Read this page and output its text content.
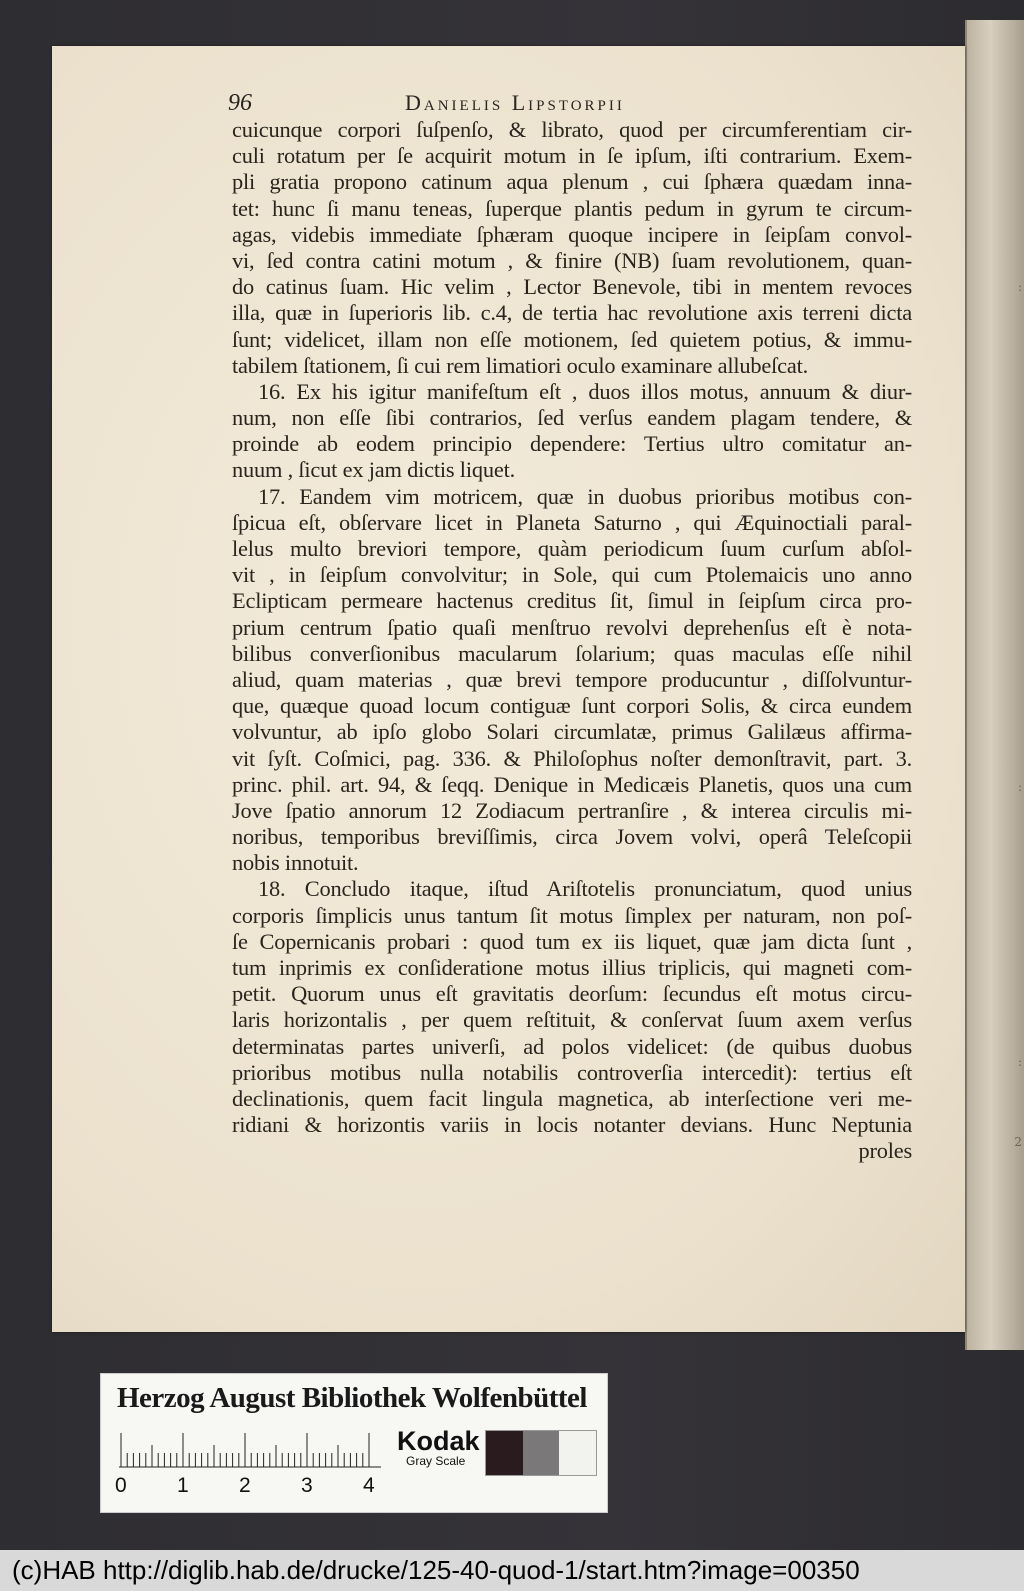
:
:
:
2
96	Danielis Lipstorpii
cuicunque corpori ſuſpenſo, & librato, quod per circumferentiam cir-
culi rotatum per ſe acquirit motum in ſe ipſum, iſti contrarium. Exem-
pli gratia propono catinum aqua plenum , cui ſphæra quædam inna-
tet: hunc ſi manu teneas, ſuperque plantis pedum in gyrum te circum-
agas, videbis immediate ſphæram quoque incipere in ſeipſam convol-
vi, ſed contra catini motum , & finire (NB) ſuam revolutionem, quan-
do catinus ſuam. Hic velim , Lector Benevole, tibi in mentem revoces
illa, quæ in ſuperioris lib. c.4, de tertia hac revolutione axis terreni dicta
ſunt; videlicet, illam non eſſe motionem, ſed quietem potius, & immu-
tabilem ſtationem, ſi cui rem limatiori oculo examinare allubeſcat.
16. Ex his igitur manifeſtum eſt , duos illos motus, annuum & diur-
num, non eſſe ſibi contrarios, ſed verſus eandem plagam tendere, &
proinde ab eodem principio dependere: Tertius ultro comitatur an-
nuum , ſicut ex jam dictis liquet.
17. Eandem vim motricem, quæ in duobus prioribus motibus con-
ſpicua eſt, obſervare licet in Planeta Saturno , qui Æquinoctiali paral-
lelus multo breviori tempore, quàm periodicum ſuum curſum abſol-
vit , in ſeipſum convolvitur; in Sole, qui cum Ptolemaicis uno anno
Eclipticam permeare hactenus creditus ſit, ſimul in ſeipſum circa pro-
prium centrum ſpatio quaſi menſtruo revolvi deprehenſus eſt è nota-
bilibus converſionibus macularum ſolarium; quas maculas eſſe nihil
aliud, quam materias , quæ brevi tempore producuntur , diſſolvuntur-
que, quæque quoad locum contiguæ ſunt corpori Solis, & circa eundem
volvuntur, ab ipſo globo Solari circumlatæ, primus Galilæus affirma-
vit ſyſt. Coſmici, pag. 336. & Philoſophus noſter demonſtravit, part. 3.
princ. phil. art. 94, & ſeqq. Denique in Medicæis Planetis, quos una cum
Jove ſpatio annorum 12 Zodiacum pertranſire , & interea circulis mi-
noribus, temporibus breviſſimis, circa Jovem volvi, operâ Teleſcopii
nobis innotuit.
18. Concludo itaque, iſtud Ariſtotelis pronunciatum, quod unius
corporis ſimplicis unus tantum ſit motus ſimplex per naturam, non poſ-
ſe Copernicanis probari : quod tum ex iis liquet, quæ jam dicta ſunt ,
tum inprimis ex conſideratione motus illius triplicis, qui magneti com-
petit. Quorum unus eſt gravitatis deorſum: ſecundus eſt motus circu-
laris horizontalis , per quem reſtituit, & conſervat ſuum axem verſus
determinatas partes univerſi, ad polos videlicet: (de quibus duobus
prioribus motibus nulla notabilis controverſia intercedit): tertius eſt
declinationis, quem facit lingula magnetica, ab interſectione veri me-
ridiani & horizontis variis in locis notanter devians. Hunc Neptunia
proles
Herzog August Bibliothek Wolfenbüttel
0 1 2 3 4
Kodak
Gray Scale
(c)HAB http://diglib.hab.de/drucke/125-40-quod-1/start.htm?image=00350
